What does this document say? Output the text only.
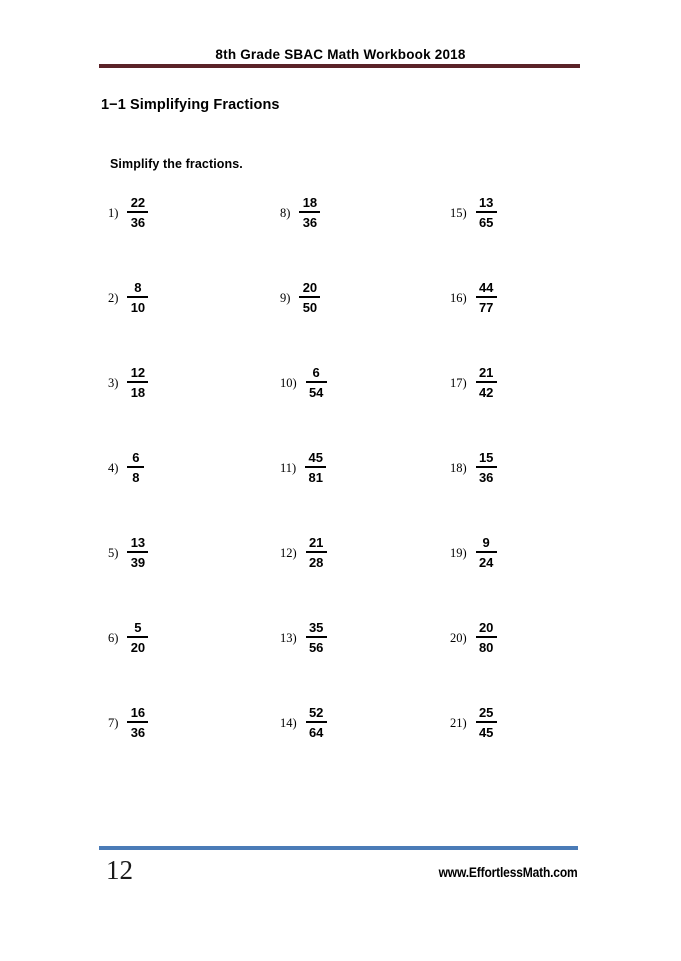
8th Grade SBAC Math Workbook 2018
1−1 Simplifying Fractions
Simplify the fractions.
$1) \frac{22}{36}$
$2) \frac{8}{10}$
$3) \frac{12}{18}$
$4) \frac{6}{8}$
$5) \frac{13}{39}$
$6) \frac{5}{20}$
$7) \frac{16}{36}$
$8) \frac{18}{36}$
$9) \frac{20}{50}$
$10) \frac{6}{54}$
$11) \frac{45}{81}$
$12) \frac{21}{28}$
$13) \frac{35}{56}$
$14) \frac{52}{64}$
$15) \frac{13}{65}$
$16) \frac{44}{77}$
$17) \frac{21}{42}$
$18) \frac{15}{36}$
$19) \frac{9}{24}$
$20) \frac{20}{80}$
$21) \frac{25}{45}$
12	www.EffortlessMath.com
